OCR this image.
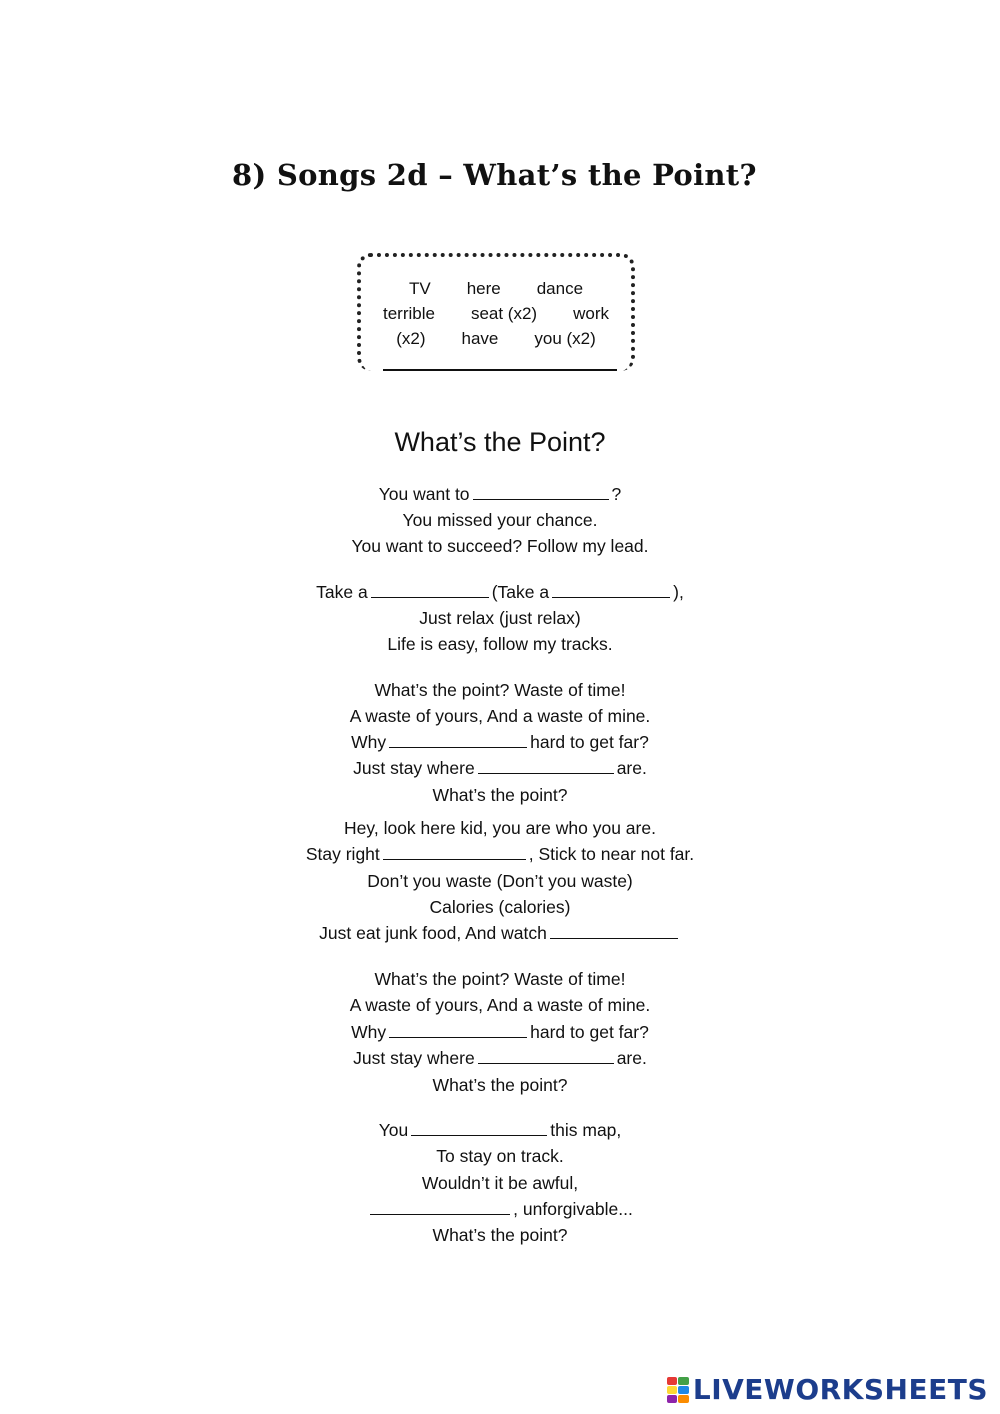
8) Songs 2d – What’s the Point?
TV here dance
terrible seat (x2) work
(x2) have you (x2)
What’s the Point?
You want to	?
You missed your chance.
You want to succeed? Follow my lead.
Take a	(Take a	),
Just relax (just relax)
Life is easy, follow my tracks.
What’s the point? Waste of time!
A waste of yours, And a waste of mine.
Why	hard to get far?
Just stay where	are.
What’s the point?
Hey, look here kid, you are who you are.
Stay right	, Stick to near not far.
Don’t you waste (Don’t you waste)
Calories (calories)
Just eat junk food, And watch
What’s the point? Waste of time!
A waste of yours, And a waste of mine.
Why	hard to get far?
Just stay where	are.
What’s the point?
You	this map,
To stay on track.
Wouldn’t it be awful,
, unforgivable...
What’s the point?
LIVEWORKSHEETS
